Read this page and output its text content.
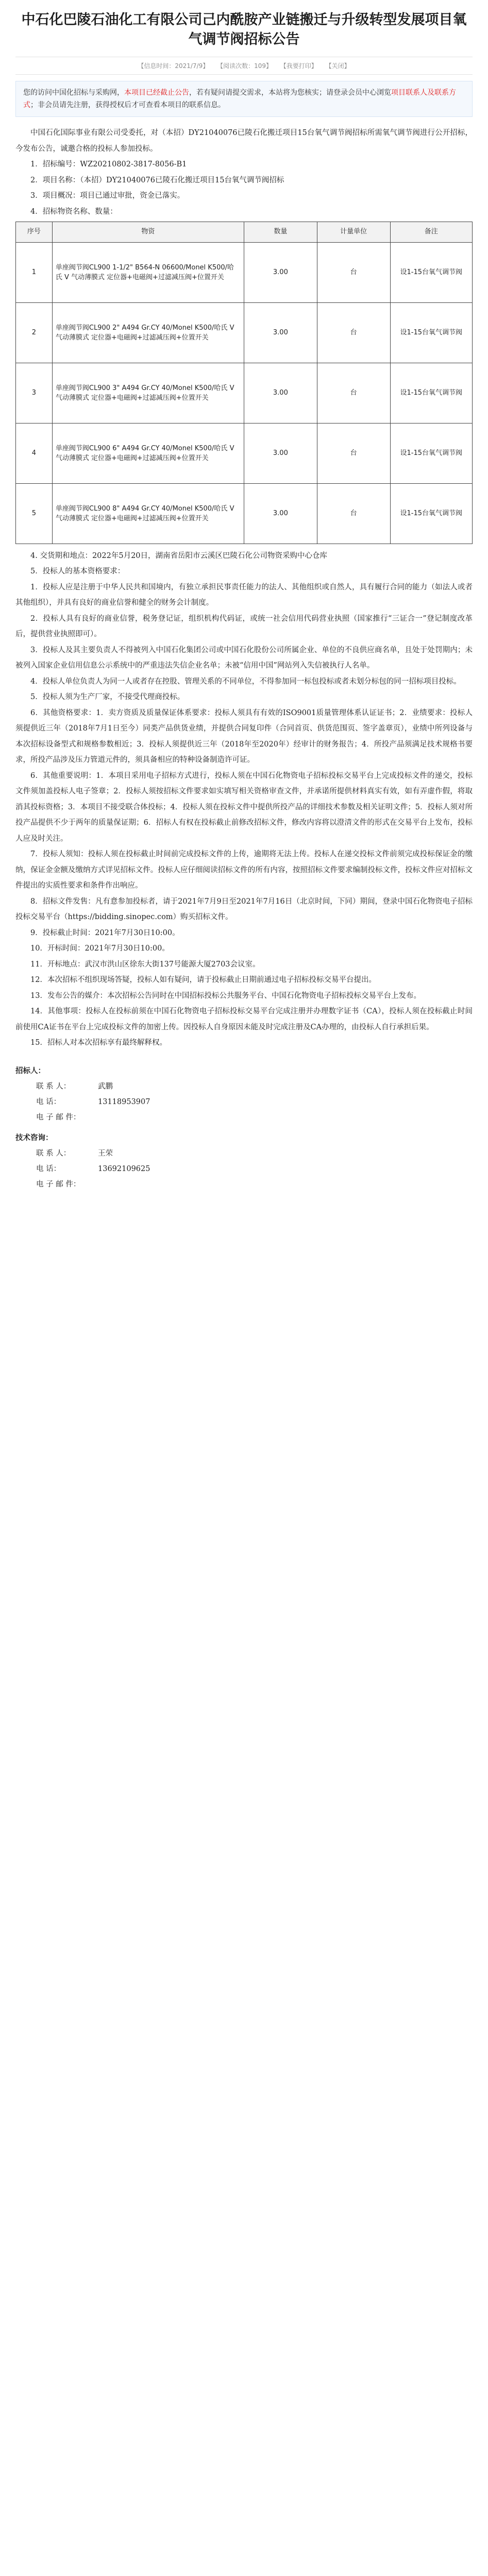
中石化巴陵石油化工有限公司己内酰胺产业链搬迁与升级转型发展项目氧气调节阀招标公告
【信息时间：2021/7/9】 【阅读次数：109】 【我要打印】 【关闭】
您的访问中国化招标与采购网，本项目已经截止公告，若有疑问请提交需求，本站将为您核实；请登录会员中心浏览项目联系人及联系方式；非会员请先注册，获得授权后才可查看本项目的联系信息。

中国石化国际事业有限公司受委托，对（本招）DY21040076已陵石化搬迁项目15台氧气调节阀招标所需氧气调节阀进行公开招标，今发布公告，诚邀合格的投标人参加投标。

1．招标编号：WZ20210802-3817-8056-B1

2．项目名称：（本招）DY21040076已陵石化搬迁项目15台氧气调节阀招标

3．项目概况：项目已通过审批，资金已落实。

4．招标物资名称、数量：

序号	物资	数量	计量单位	备注
1	单座阀节阀CL900 1-1/2" B564-N 06600/Monel K500/哈氏 V 气动薄膜式 定位器+电磁阀+过滤减压阀+位置开关	3.00	台	设1-15台氧气调节阀
2	单座阀节阀CL900 2" A494 Gr.CY 40/Monel K500/哈氏 V 气动薄膜式 定位器+电磁阀+过滤减压阀+位置开关	3.00	台	设1-15台氧气调节阀
3	单座阀节阀CL900 3" A494 Gr.CY 40/Monel K500/哈氏 V 气动薄膜式 定位器+电磁阀+过滤减压阀+位置开关	3.00	台	设1-15台氧气调节阀
4	单座阀节阀CL900 6" A494 Gr.CY 40/Monel K500/哈氏 V 气动薄膜式 定位器+电磁阀+过滤减压阀+位置开关	3.00	台	设1-15台氧气调节阀
5	单座阀节阀CL900 8" A494 Gr.CY 40/Monel K500/哈氏 V 气动薄膜式 定位器+电磁阀+过滤减压阀+位置开关	3.00	台	设1-15台氧气调节阀

4. 交货期和地点：2022年5月20日，湖南省岳阳市云溪区巴陵石化公司物资采购中心仓库

5．投标人的基本资格要求：

1．投标人应是注册于中华人民共和国境内，有独立承担民事责任能力的法人、其他组织或自然人，具有履行合同的能力（如法人或者其他组织），并具有良好的商业信誉和健全的财务会计制度。

2．投标人具有良好的商业信誉，税务登记证，组织机构代码证，或统一社会信用代码营业执照（国家推行“三证合一”登记制度改革后，提供营业执照即可）。

3．投标人及其主要负责人不得被列入中国石化集团公司或中国石化股份公司所属企业、单位的不良供应商名单，且处于处罚期内；未被列入国家企业信用信息公示系统中的严重违法失信企业名单；未被“信用中国”网站列入失信被执行人名单。

4．投标人单位负责人为同一人或者存在控股、管理关系的不同单位，不得参加同一标包投标或者未划分标包的同一招标项目投标。

5．投标人须为生产厂家，不接受代理商投标。

6．其他资格要求：1．卖方资质及质量保证体系要求：投标人须具有有效的ISO9001质量管理体系认证证书；2．业绩要求：投标人须提供近三年（2018年7月1日至今）同类产品供货业绩，并提供合同复印件（合同首页、供货范围页、签字盖章页），业绩中所列设备与本次招标设备型式和规格参数相近；3．投标人须提供近三年（2018年至2020年）经审计的财务报告；4．所投产品须满足技术规格书要求，所投产品涉及压力管道元件的，须具备相应的特种设备制造许可证。

6．其他重要说明：1．本项目采用电子招标方式进行，投标人须在中国石化物资电子招标投标交易平台上完成投标文件的递交，投标文件须加盖投标人电子签章；2．投标人须按招标文件要求如实填写相关资格审查文件，并承诺所提供材料真实有效，如有弄虚作假，将取消其投标资格；3．本项目不接受联合体投标；4．投标人须在投标文件中提供所投产品的详细技术参数及相关证明文件；5．投标人须对所投产品提供不少于两年的质量保证期；6．招标人有权在投标截止前修改招标文件，修改内容将以澄清文件的形式在交易平台上发布，投标人应及时关注。

7．投标人须知：投标人须在投标截止时间前完成投标文件的上传，逾期将无法上传。投标人在递交投标文件前须完成投标保证金的缴纳，保证金金额及缴纳方式详见招标文件。投标人应仔细阅读招标文件的所有内容，按照招标文件要求编制投标文件，投标文件应对招标文件提出的实质性要求和条件作出响应。

8．招标文件发售：凡有意参加投标者，请于2021年7月9日至2021年7月16日（北京时间，下同）期间，登录中国石化物资电子招标投标交易平台（https://bidding.sinopec.com）购买招标文件。

9．投标截止时间：2021年7月30日10:00。

10．开标时间：2021年7月30日10:00。

11．开标地点：武汉市洪山区徐东大街137号能源大厦2703会议室。

12．本次招标不组织现场答疑，投标人如有疑问，请于投标截止日期前通过电子招标投标交易平台提出。

13．发布公告的媒介：本次招标公告同时在中国招标投标公共服务平台、中国石化物资电子招标投标交易平台上发布。

14．其他事项：投标人在投标前须在中国石化物资电子招标投标交易平台完成注册并办理数字证书（CA），投标人须在投标截止时间前使用CA证书在平台上完成投标文件的加密上传。因投标人自身原因未能及时完成注册及CA办理的，由投标人自行承担后果。

15．招标人对本次招标享有最终解释权。

招标人：
联 系 人：	武鹏
电 话：	13118953907
电 子 邮 件：
技术咨询：
联 系 人：	王荣
电 话：	13692109625
电 子 邮 件：
